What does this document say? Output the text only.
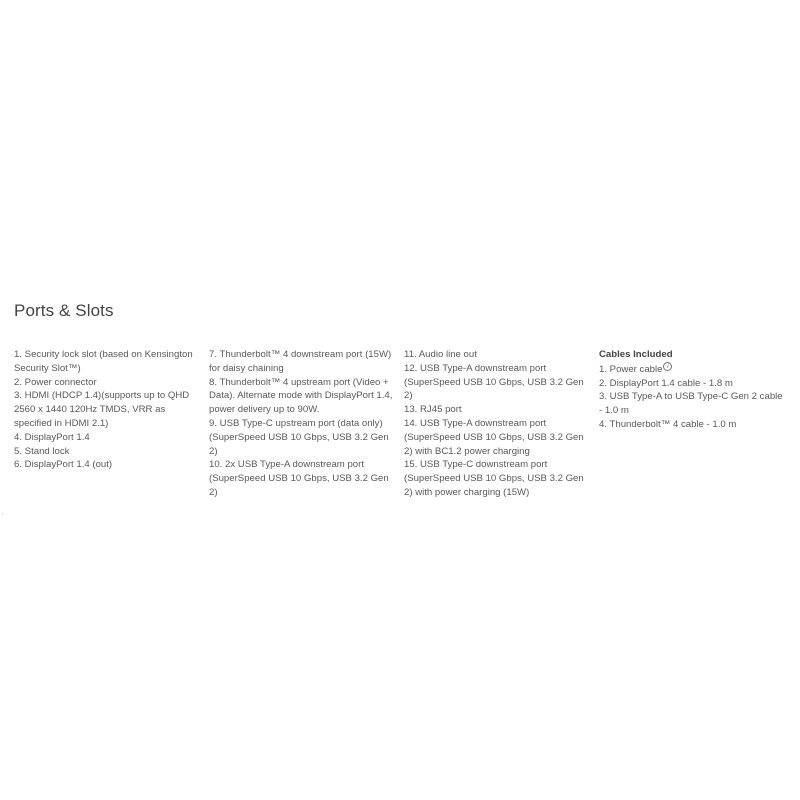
Ports & Slots
1. Security lock slot (based on Kensington Security Slot™)
2. Power connector
3. HDMI (HDCP 1.4)(supports up to QHD 2560 x 1440 120Hz TMDS, VRR as specified in HDMI 2.1)
4. DisplayPort 1.4
5. Stand lock
6. DisplayPort 1.4 (out)
7. Thunderbolt™ 4 downstream port (15W) for daisy chaining
8. Thunderbolt™ 4 upstream port (Video + Data). Alternate mode with DisplayPort 1.4, power delivery up to 90W.
9. USB Type-C upstream port (data only) (SuperSpeed USB 10 Gbps, USB 3.2 Gen 2)
10. 2x USB Type-A downstream port (SuperSpeed USB 10 Gbps, USB 3.2 Gen 2)
11. Audio line out
12. USB Type-A downstream port (SuperSpeed USB 10 Gbps, USB 3.2 Gen 2)
13. RJ45 port
14. USB Type-A downstream port (SuperSpeed USB 10 Gbps, USB 3.2 Gen 2) with BC1.2 power charging
15. USB Type-C downstream port (SuperSpeed USB 10 Gbps, USB 3.2 Gen 2) with power charging (15W)
Cables Included
1. Power cable i
2. DisplayPort 1.4 cable - 1.8 m
3. USB Type-A to USB Type-C Gen 2 cable - 1.0 m
4. Thunderbolt™ 4 cable - 1.0 m
·
